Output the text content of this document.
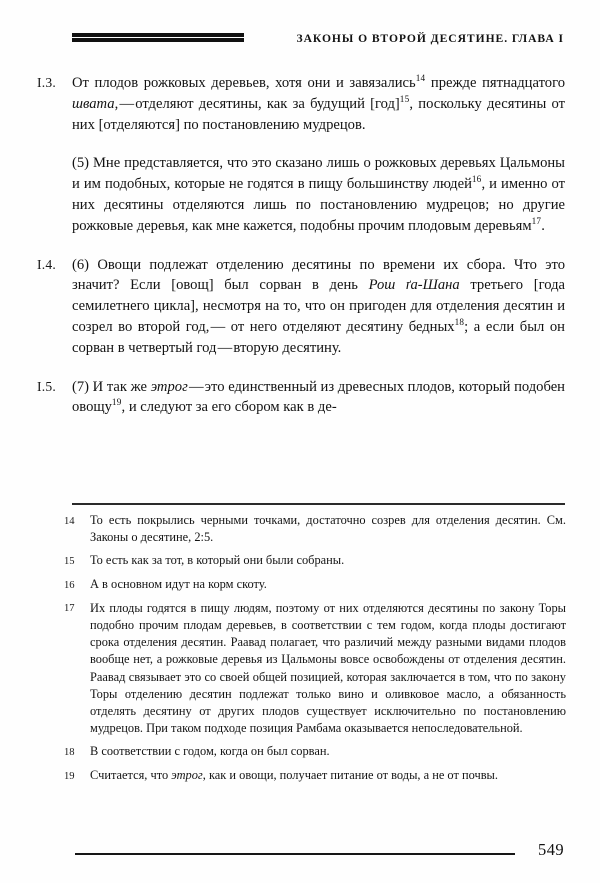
ЗАКОНЫ О ВТОРОЙ ДЕСЯТИНЕ. ГЛАВА I
I.3.	От плодов рожковых деревьев, хотя они и завязались$^{14}$ прежде пятнадцатого швата, — отделяют десятины, как за будущий [год]$^{15}$, поскольку десятины от них [отделяются] по постановлению мудрецов.
(5) Мне представляется, что это сказано лишь о рожковых деревьях Цальмоны и им подобных, которые не годятся в пищу большинству людей$^{16}$, и именно от них десятины отделяются лишь по постановлению мудрецов; но другие рожковые деревья, как мне кажется, подобны прочим плодовым деревьям$^{17}$.
I.4.	(6) Овощи подлежат отделению десятины по времени их сбора. Что это значит? Если [овощ] был сорван в день Рош ґа-Шана третьего [года семилетнего цикла], несмотря на то, что он пригоден для отделения десятин и созрел во второй год, — от него отделяют десятину бедных$^{18}$; а если был он сорван в четвертый год — вторую десятину.
I.5.	(7) И так же этрог — это единственный из древесных плодов, который подобен овощу$^{19}$, и следуют за его сбором как в де-
14	То есть покрылись черными точками, достаточно созрев для отделения десятин. См. Законы о десятине, 2:5.
15	То есть как за тот, в который они были собраны.
16	А в основном идут на корм скоту.
17	Их плоды годятся в пищу людям, поэтому от них отделяются десятины по закону Торы подобно прочим плодам деревьев, в соответствии с тем годом, когда плоды достигают срока отделения десятин. Раавад полагает, что различий между разными видами плодов вообще нет, а рожковые деревья из Цальмоны вовсе освобождены от отделения десятин. Раавад связывает это со своей общей позицией, которая заключается в том, что по закону Торы отделению десятин подлежат только вино и оливковое масло, а обязанность отделять десятину от других плодов существует исключительно по постановлению мудрецов. При таком подходе позиция Рамбама оказывается непоследовательной.
18	В соответствии с годом, когда он был сорван.
19	Считается, что этрог, как и овощи, получает питание от воды, а не от почвы.
549
